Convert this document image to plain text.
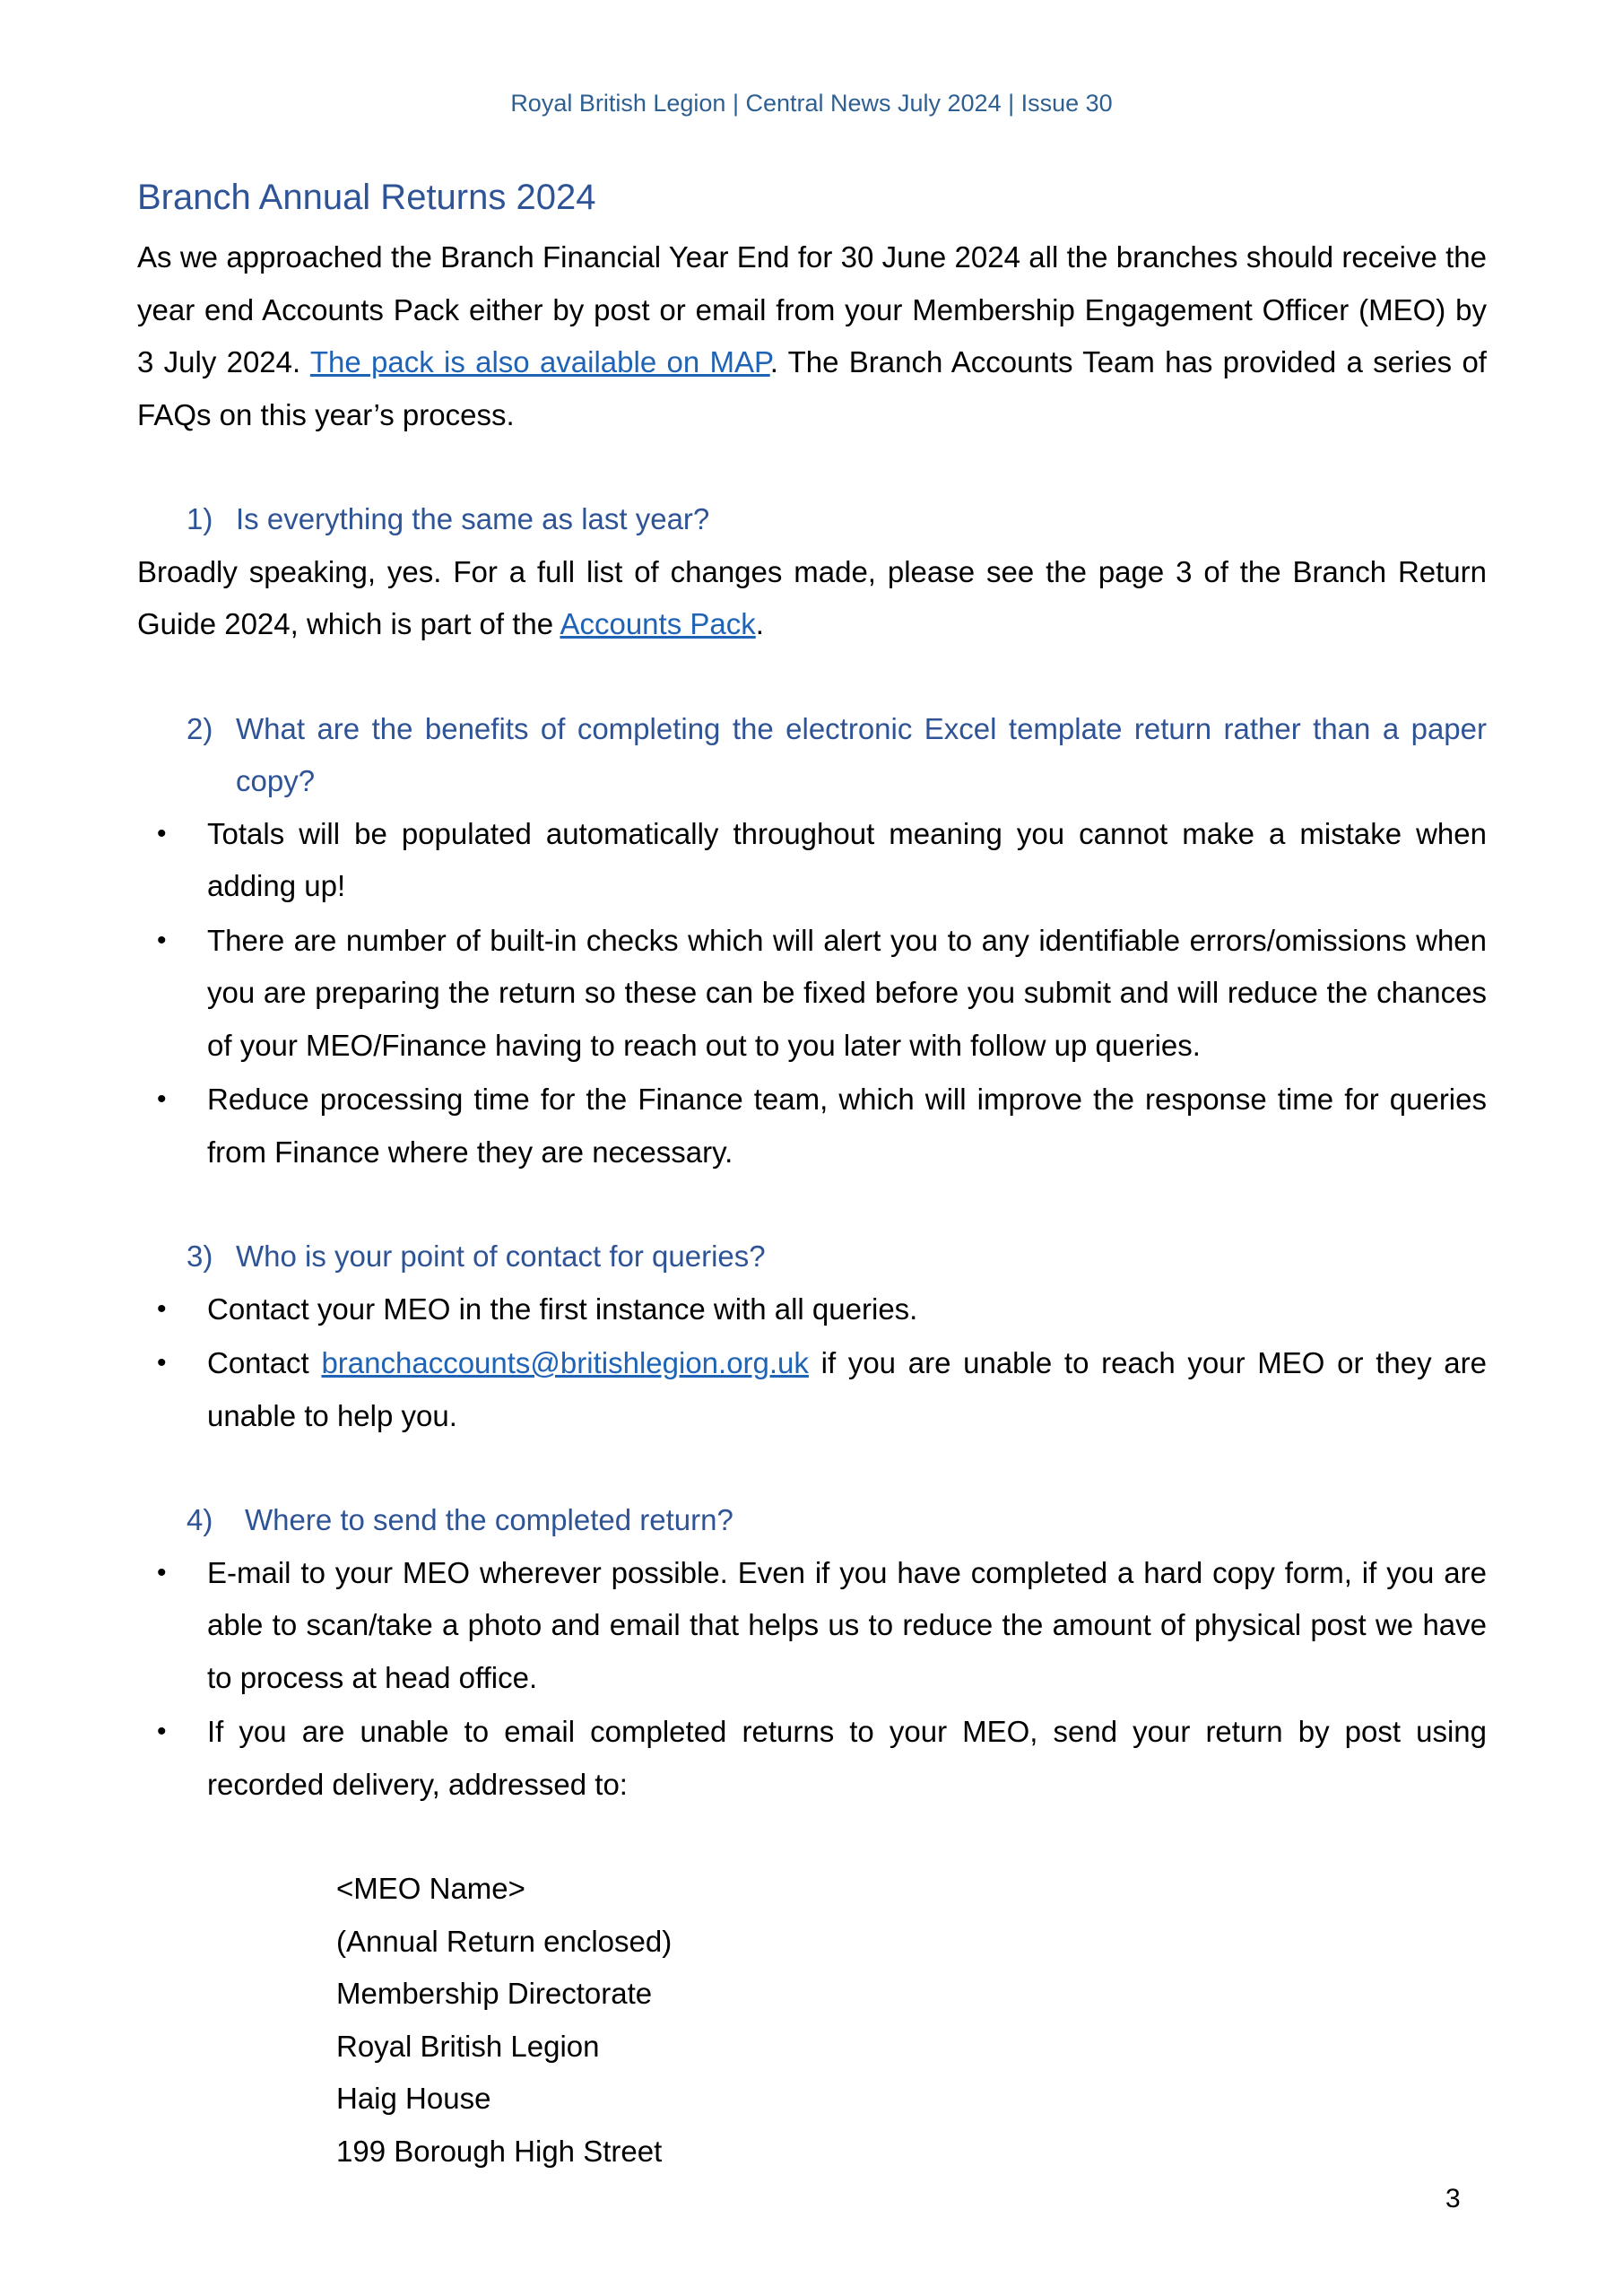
Royal British Legion | Central News July 2024 | Issue 30
Branch Annual Returns 2024

As we approached the Branch Financial Year End for 30 June 2024 all the branches should receive the year end Accounts Pack either by post or email from your Membership Engagement Officer (MEO) by 3 July 2024. The pack is also available on MAP. The Branch Accounts Team has provided a series of FAQs on this year’s process.

1) Is everything the same as last year?

Broadly speaking, yes. For a full list of changes made, please see the page 3 of the Branch Return Guide 2024, which is part of the Accounts Pack.

2) What are the benefits of completing the electronic Excel template return rather than a paper copy?
• Totals will be populated automatically throughout meaning you cannot make a mistake when adding up!
• There are number of built-in checks which will alert you to any identifiable errors/omissions when you are preparing the return so these can be fixed before you submit and will reduce the chances of your MEO/Finance having to reach out to you later with follow up queries.
• Reduce processing time for the Finance team, which will improve the response time for queries from Finance where they are necessary.
3) Who is your point of contact for queries?
• Contact your MEO in the first instance with all queries.
• Contact branchaccounts@britishlegion.org.uk if you are unable to reach your MEO or they are unable to help you.
4)	Where to send the completed return?
• E-mail to your MEO wherever possible. Even if you have completed a hard copy form, if you are able to scan/take a photo and email that helps us to reduce the amount of physical post we have to process at head office.
• If you are unable to email completed returns to your MEO, send your return by post using recorded delivery, addressed to:
<MEO Name>
(Annual Return enclosed)
Membership Directorate
Royal British Legion
Haig House
199 Borough High Street
3
